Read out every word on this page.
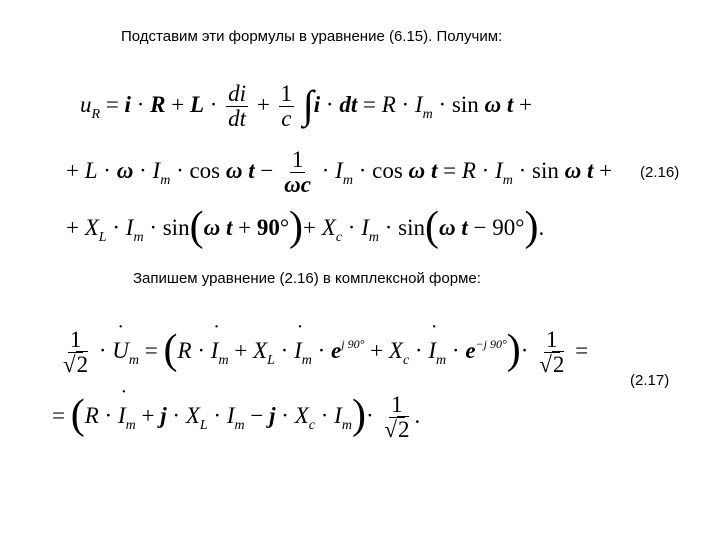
Подставим эти формулы в уравнение (6.15). Получим:
$u_R = i \cdot R + L \cdot \frac{di}{dt} + \frac{1}{c} \int i$ · dt = $R \cdot I_m \cdot \sin \omega$ t +
+ $L \cdot \omega \cdot I_m \cdot \cos \omega$ $t - \frac{1}{\omega c} \cdot I_m \cdot \cos \omega$ $t = R \cdot I_m \cdot \sin \omega$ t + (2.16)
+ $X_L \cdot I_m \cdot \sin(\omega$ $t + 90^\circ)+ X_c \cdot I_m \cdot \sin(\omega$ t − 90°).
Запишем уравнение (2.16) в комплексной форме:
$\frac{1}{√2}$ · ˙ $U_m = (R$ · ˙ $I_m + X_L$ · ˙ $I_m \cdot e^{j 90^\circ} + X_c$ · ˙ $I_m \cdot e^{-j 90^\circ})\cdot \frac{1}{√2}$ =
(2.17)
= (R · ˙ $I_m + j \cdot X_L \cdot I_m - j \cdot X_c \cdot I_m)\cdot \frac{1}{√2}$ .
